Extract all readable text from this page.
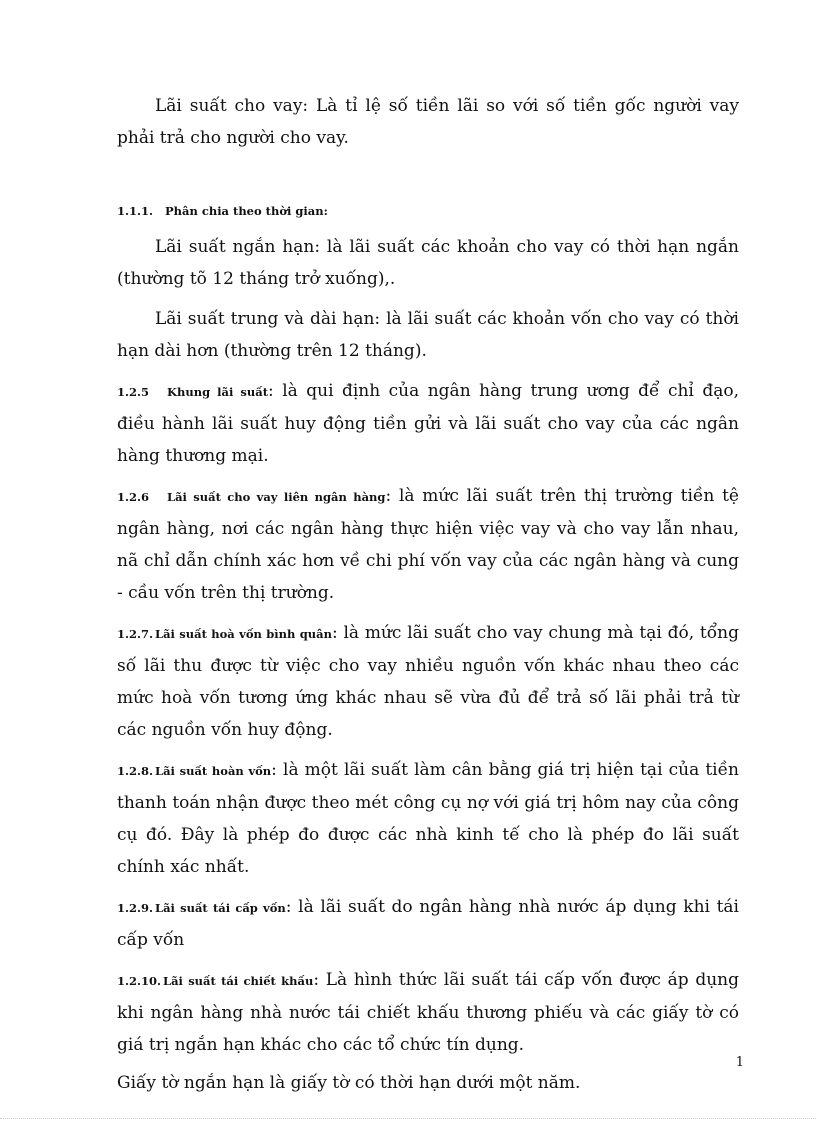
Lãi suất cho vay: Là tỉ lệ số tiền lãi so với số tiền gốc người vay phải trả cho người cho vay.

1.1.1. Phân chia theo thời gian:

Lãi suất ngắn hạn: là lãi suất các khoản cho vay có thời hạn ngắn (thường tõ 12 tháng trở xuống),.

Lãi suất trung và dài hạn: là lãi suất các khoản vốn cho vay có thời hạn dài hơn (thường trên 12 tháng).

1.2.5 Khung lãi suất: là qui định của ngân hàng trung ương để chỉ đạo, điều hành lãi suất huy động tiền gửi và lãi suất cho vay của các ngân hàng thương mại.

1.2.6 Lãi suất cho vay liên ngân hàng: là mức lãi suất trên thị trường tiền tệ ngân hàng, nơi các ngân hàng thực hiện việc vay và cho vay lẫn nhau, nã chỉ dẫn chính xác hơn về chi phí vốn vay của các ngân hàng và cung - cầu vốn trên thị trường.

1.2.7. Lãi suất hoà vốn bình quân: là mức lãi suất cho vay chung mà tại đó, tổng số lãi thu được từ việc cho vay nhiều nguồn vốn khác nhau theo các mức hoà vốn tương ứng khác nhau sẽ vừa đủ để trả số lãi phải trả từ các nguồn vốn huy động.

1.2.8. Lãi suất hoàn vốn: là một lãi suất làm cân bằng giá trị hiện tại của tiền thanh toán nhận được theo mét công cụ nợ với giá trị hôm nay của công cụ đó. Đây là phép đo được các nhà kinh tế cho là phép đo lãi suất chính xác nhất.

1.2.9. Lãi suất tái cấp vốn: là lãi suất do ngân hàng nhà nước áp dụng khi tái cấp vốn

1.2.10. Lãi suất tái chiết khấu: Là hình thức lãi suất tái cấp vốn được áp dụng khi ngân hàng nhà nước tái chiết khấu thương phiếu và các giấy tờ có giá trị ngắn hạn khác cho các tổ chức tín dụng.

Giấy tờ ngắn hạn là giấy tờ có thời hạn dưới một năm.

1
